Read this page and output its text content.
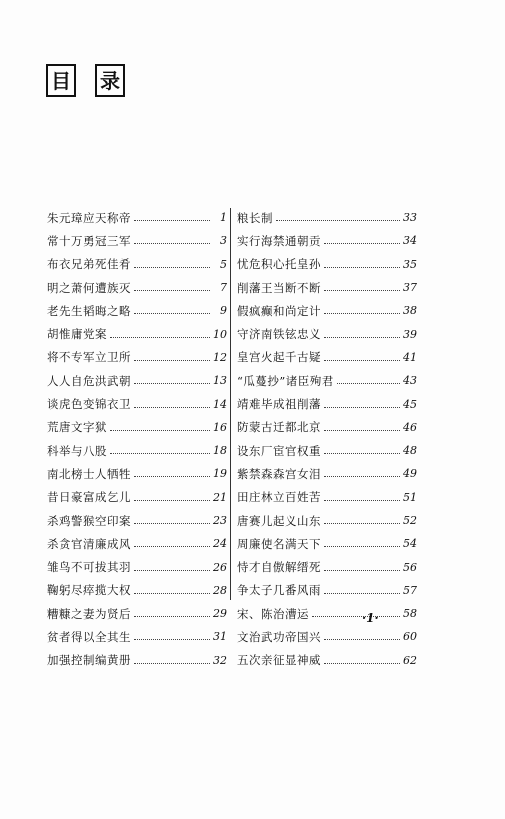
目 录
朱元璋应天称帝	1
常十万勇冠三军	3
布衣兄弟死佳肴	5
明之萧何遭族灭	7
老先生韬晦之略	9
胡惟庸党案	10
将不专军立卫所	12
人人自危洪武朝	13
谈虎色变锦衣卫	14
荒唐文字狱	16
科举与八股	18
南北榜士人牺牲	19
昔日豪富成乞儿	21
杀鸡警猴空印案	23
杀贪官清廉成风	24
雏鸟不可拔其羽	26
鞠躬尽瘁揽大权	28
糟糠之妻为贤后	29
贫者得以全其生	31
加强控制编黄册	32
粮长制	33
实行海禁通朝贡	34
忧危积心托皇孙	35
削藩王当断不断	37
假疯癫和尚定计	38
守济南铁铉忠义	39
皇宫火起千古疑	41
“瓜蔓抄”诸臣殉君	43
靖难毕成祖削藩	45
防蒙古迁都北京	46
设东厂宦官权重	48
紫禁森森宫女泪	49
田庄林立百姓苦	51
唐赛儿起义山东	52
周廉使名满天下	54
恃才自傲解缙死	56
争太子几番风雨	57
宋、陈治漕运	58
文治武功帝国兴	60
五次亲征显神威	62
·1·
